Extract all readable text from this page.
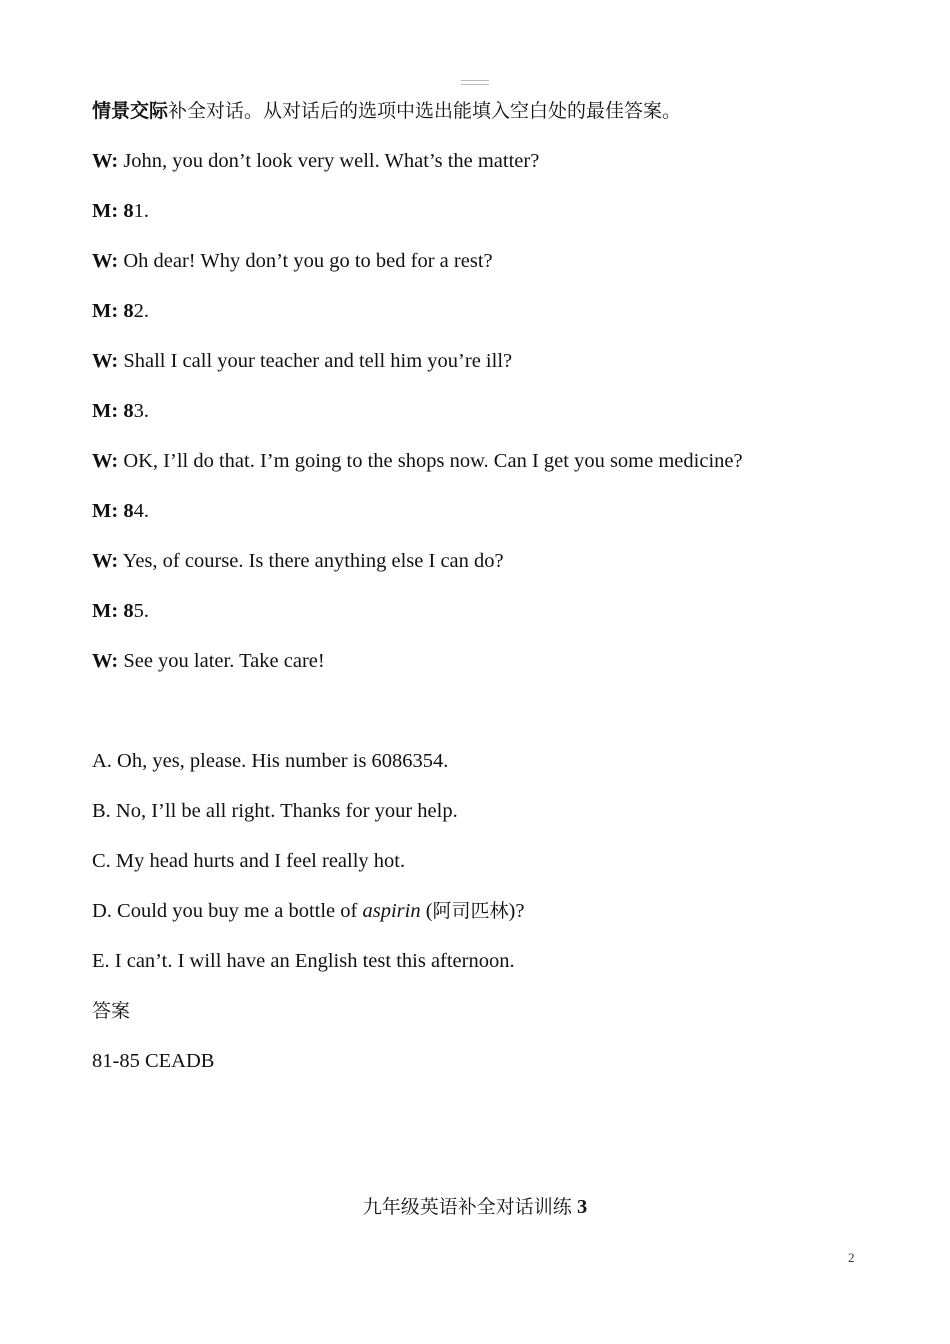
情景交际补全对话。从对话后的选项中选出能填入空白处的最佳答案。
W: John, you don’t look very well. What’s the matter?
M: 81.
W: Oh dear! Why don’t you go to bed for a rest?
M: 82.
W: Shall I call your teacher and tell him you’re ill?
M: 83.
W: OK, I’ll do that. I’m going to the shops now. Can I get you some medicine?
M: 84.
W: Yes, of course. Is there anything else I can do?
M: 85.
W: See you later. Take care!
A. Oh, yes, please. His number is 6086354.
B. No, I’ll be all right. Thanks for your help.
C. My head hurts and I feel really hot.
D. Could you buy me a bottle of aspirin (阿司匹林)?
E. I can’t. I will have an English test this afternoon.
答案
81-85 CEADB
九年级英语补全对话训练 3
2
